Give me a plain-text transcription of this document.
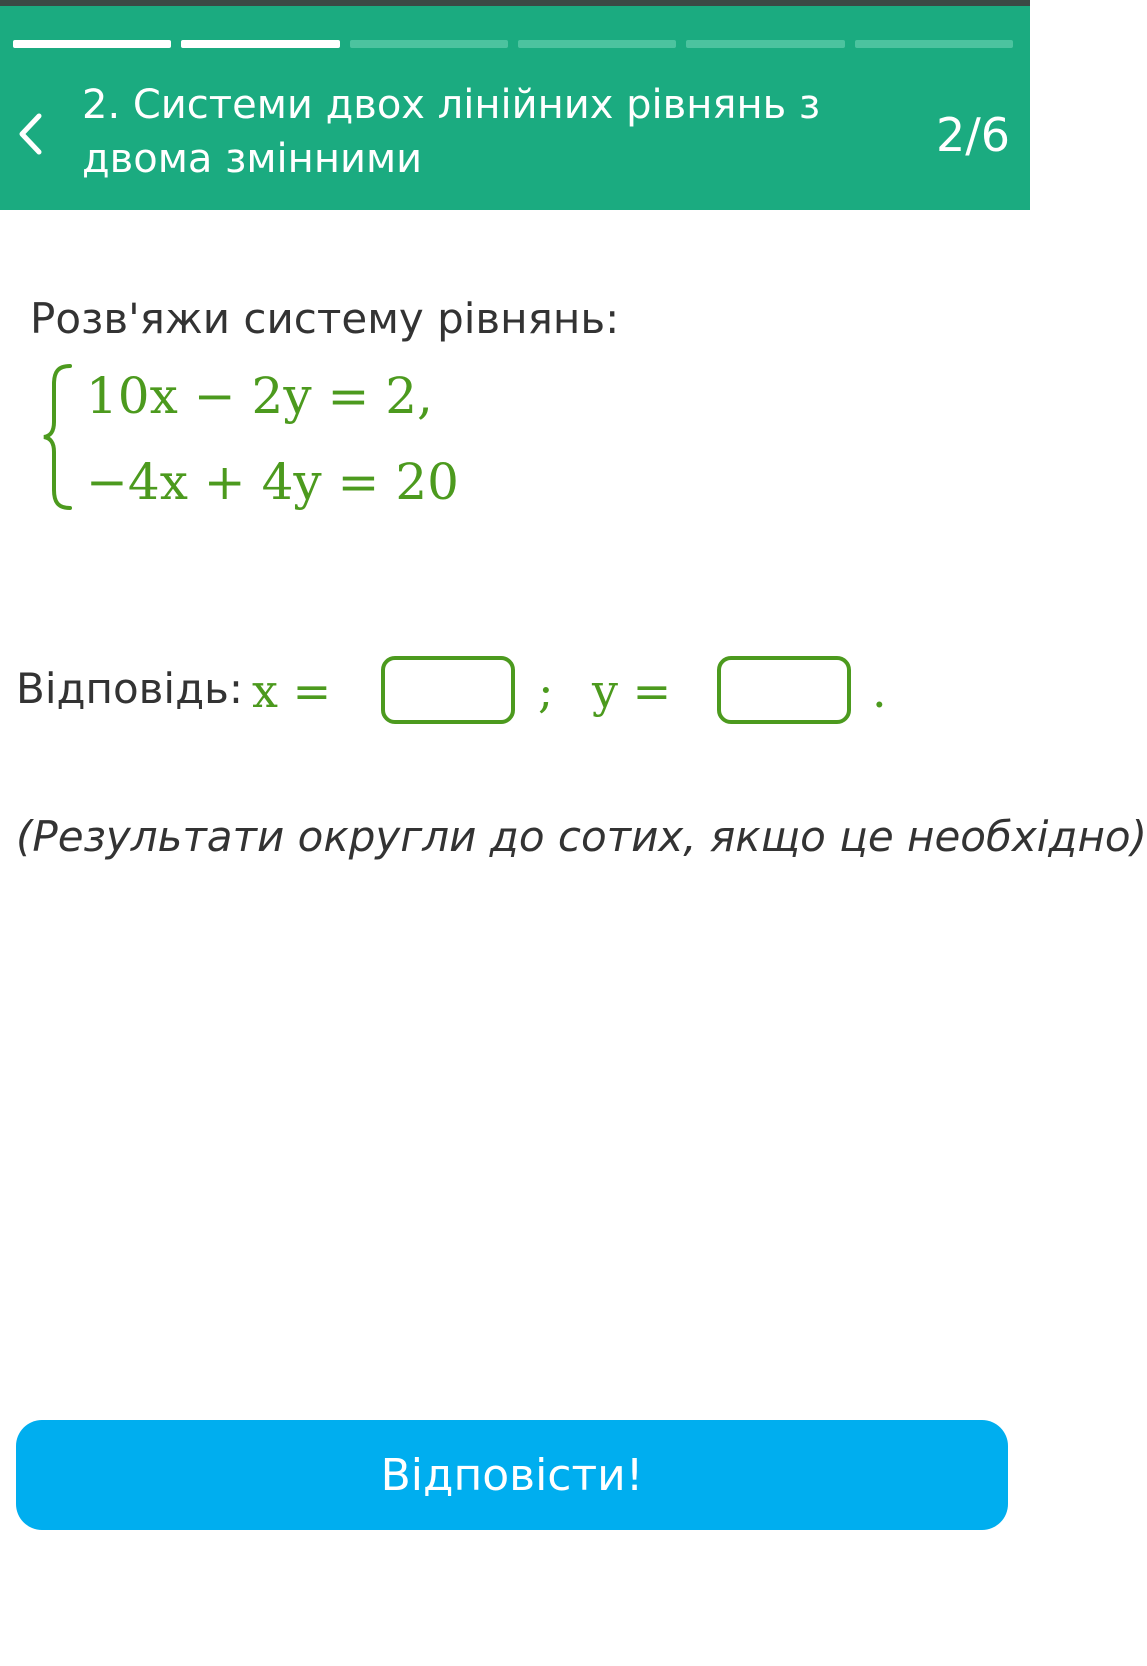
2. Системи двох лінійних рівнянь з
двома змінними	2/6
Розв'яжи систему рівнянь:
10x − 2y = 2,
−4x + 4y = 20
Відповідь: x =	; y =	.
(Результати округли до сотих, якщо це необхідно)
Відповісти!
